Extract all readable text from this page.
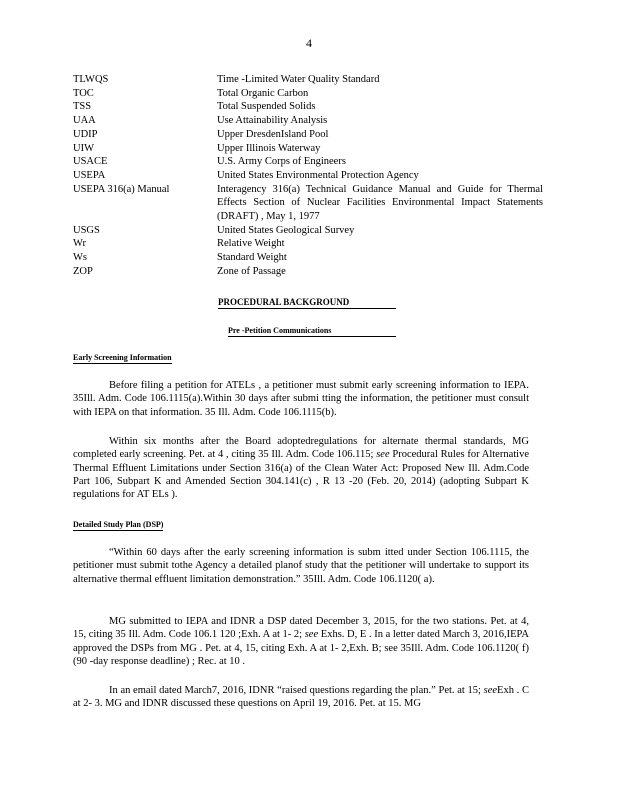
4
TLWQS	Time -Limited Water Quality Standard
TOC	Total Organic Carbon
TSS	Total Suspended Solids
UAA	Use Attainability Analysis
UDIP	Upper DresdenIsland Pool
UIW	Upper Illinois Waterway
USACE	U.S. Army Corps of Engineers
USEPA	United States Environmental Protection Agency
USEPA 316(a) Manual	Interagency 316(a) Technical Guidance Manual and Guide for Thermal Effects Section of Nuclear Facilities Environmental Impact Statements (DRAFT) , May 1, 1977
USGS	United States Geological Survey
Wr	Relative Weight
Ws	Standard Weight
ZOP	Zone of Passage
PROCEDURAL BACKGROUND
Pre -Petition Communications
Early Screening Information

Before filing a petition for ATELs , a petitioner must submit early screening information to IEPA. 35Ill. Adm. Code 106.1115(a).Within 30 days after submi tting the information, the petitioner must consult with IEPA on that information. 35 Ill. Adm. Code 106.1115(b).

Within six months after the Board adoptedregulations for alternate thermal standards, MG completed early screening. Pet. at 4 , citing 35 Ill. Adm. Code 106.115; see Procedural Rules for Alternative Thermal Effluent Limitations under Section 316(a) of the Clean Water Act: Proposed New Ill. Adm.Code Part 106, Subpart K and Amended Section 304.141(c) , R 13 -20 (Feb. 20, 2014) (adopting Subpart K regulations for AT ELs ).

Detailed Study Plan (DSP)

“Within 60 days after the early screening information is subm itted under Section 106.1115, the petitioner must submit tothe Agency a detailed planof study that the petitioner will undertake to support its alternative thermal effluent limitation demonstration.” 35Ill. Adm. Code 106.1120( a).

MG submitted to IEPA and IDNR a DSP dated December 3, 2015, for the two stations. Pet. at 4, 15, citing 35 Ill. Adm. Code 106.1 120 ;Exh. A at 1- 2; see Exhs. D, E . In a letter dated March 3, 2016,IEPA approved the DSPs from MG . Pet. at 4, 15, citing Exh. A at 1- 2,Exh. B; see 35Ill. Adm. Code 106.1120( f) (90 -day response deadline) ; Rec. at 10 .

In an email dated March7, 2016, IDNR “raised questions regarding the plan.” Pet. at 15; seeExh . C at 2- 3. MG and IDNR discussed these questions on April 19, 2016. Pet. at 15. MG
